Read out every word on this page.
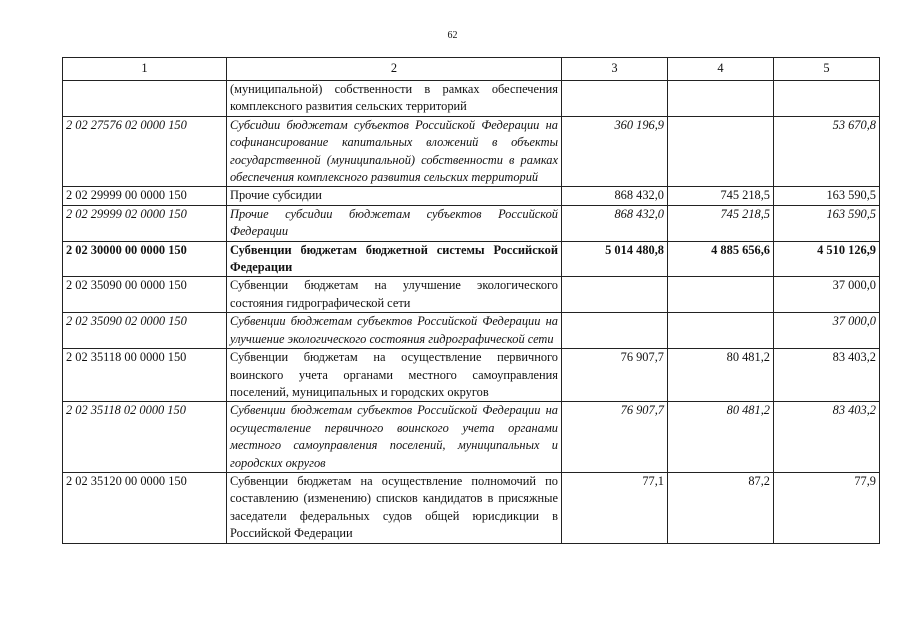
62
1	2	3	4	5
	(муниципальной) собственности в рамках обеспечения комплексного развития сельских территорий			
2 02 27576 02 0000 150	Субсидии бюджетам субъектов Российской Федерации на софинансирование капитальных вложений в объекты государственной (муниципальной) собственности в рамках обеспечения комплексного развития сельских территорий	360 196,9		53 670,8
2 02 29999 00 0000 150	Прочие субсидии	868 432,0	745 218,5	163 590,5
2 02 29999 02 0000 150	Прочие субсидии бюджетам субъектов Российской Федерации	868 432,0	745 218,5	163 590,5
2 02 30000 00 0000 150	Субвенции бюджетам бюджетной системы Российской Федерации	5 014 480,8	4 885 656,6	4 510 126,9
2 02 35090 00 0000 150	Субвенции бюджетам на улучшение экологического состояния гидрографической сети			37 000,0
2 02 35090 02 0000 150	Субвенции бюджетам субъектов Российской Федерации на улучшение экологического состояния гидрографической сети			37 000,0
2 02 35118 00 0000 150	Субвенции бюджетам на осуществление первичного воинского учета органами местного самоуправления поселений, муниципальных и городских округов	76 907,7	80 481,2	83 403,2
2 02 35118 02 0000 150	Субвенции бюджетам субъектов Российской Федерации на осуществление первичного воинского учета органами местного самоуправления поселений, муниципальных и городских округов	76 907,7	80 481,2	83 403,2
2 02 35120 00 0000 150	Субвенции бюджетам на осуществление полномочий по составлению (изменению) списков кандидатов в присяжные заседатели федеральных судов общей юрисдикции в Российской Федерации	77,1	87,2	77,9
